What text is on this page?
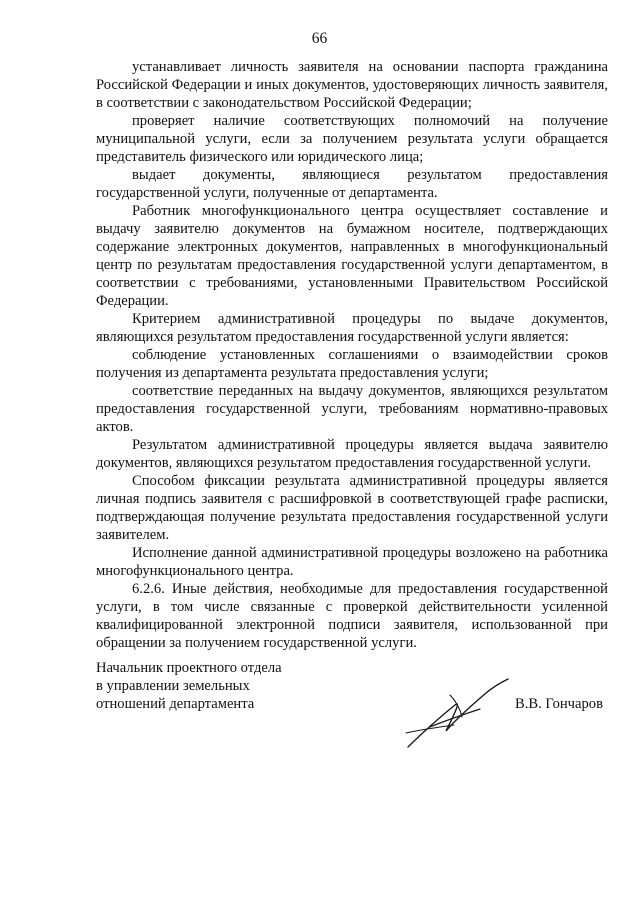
66

устанавливает личность заявителя на основании паспорта гражданина Российской Федерации и иных документов, удостоверяющих личность заявителя, в соответствии с законодательством Российской Федерации;

проверяет наличие соответствующих полномочий на получение муниципальной услуги, если за получением результата услуги обращается представитель физического или юридического лица;

выдает документы, являющиеся результатом предоставления государственной услуги, полученные от департамента.

Работник многофункционального центра осуществляет составление и выдачу заявителю документов на бумажном носителе, подтверждающих содержание электронных документов, направленных в многофункциональный центр по результатам предоставления государственной услуги департаментом, в соответствии с требованиями, установленными Правительством Российской Федерации.

Критерием административной процедуры по выдаче документов, являющихся результатом предоставления государственной услуги является:

соблюдение установленных соглашениями о взаимодействии сроков получения из департамента результата предоставления услуги;

соответствие переданных на выдачу документов, являющихся результатом предоставления государственной услуги, требованиям нормативно-правовых актов.

Результатом административной процедуры является выдача заявителю документов, являющихся результатом предоставления государственной услуги.

Способом фиксации результата административной процедуры является личная подпись заявителя с расшифровкой в соответствующей графе расписки, подтверждающая получение результата предоставления государственной услуги заявителем.

Исполнение данной административной процедуры возложено на работника многофункционального центра.

6.2.6. Иные действия, необходимые для предоставления государственной услуги, в том числе связанные с проверкой действительности усиленной квалифицированной электронной подписи заявителя, использованной при обращении за получением государственной услуги.

Начальник проектного отдела
в управлении земельных
отношений департамента	В.В. Гончаров
